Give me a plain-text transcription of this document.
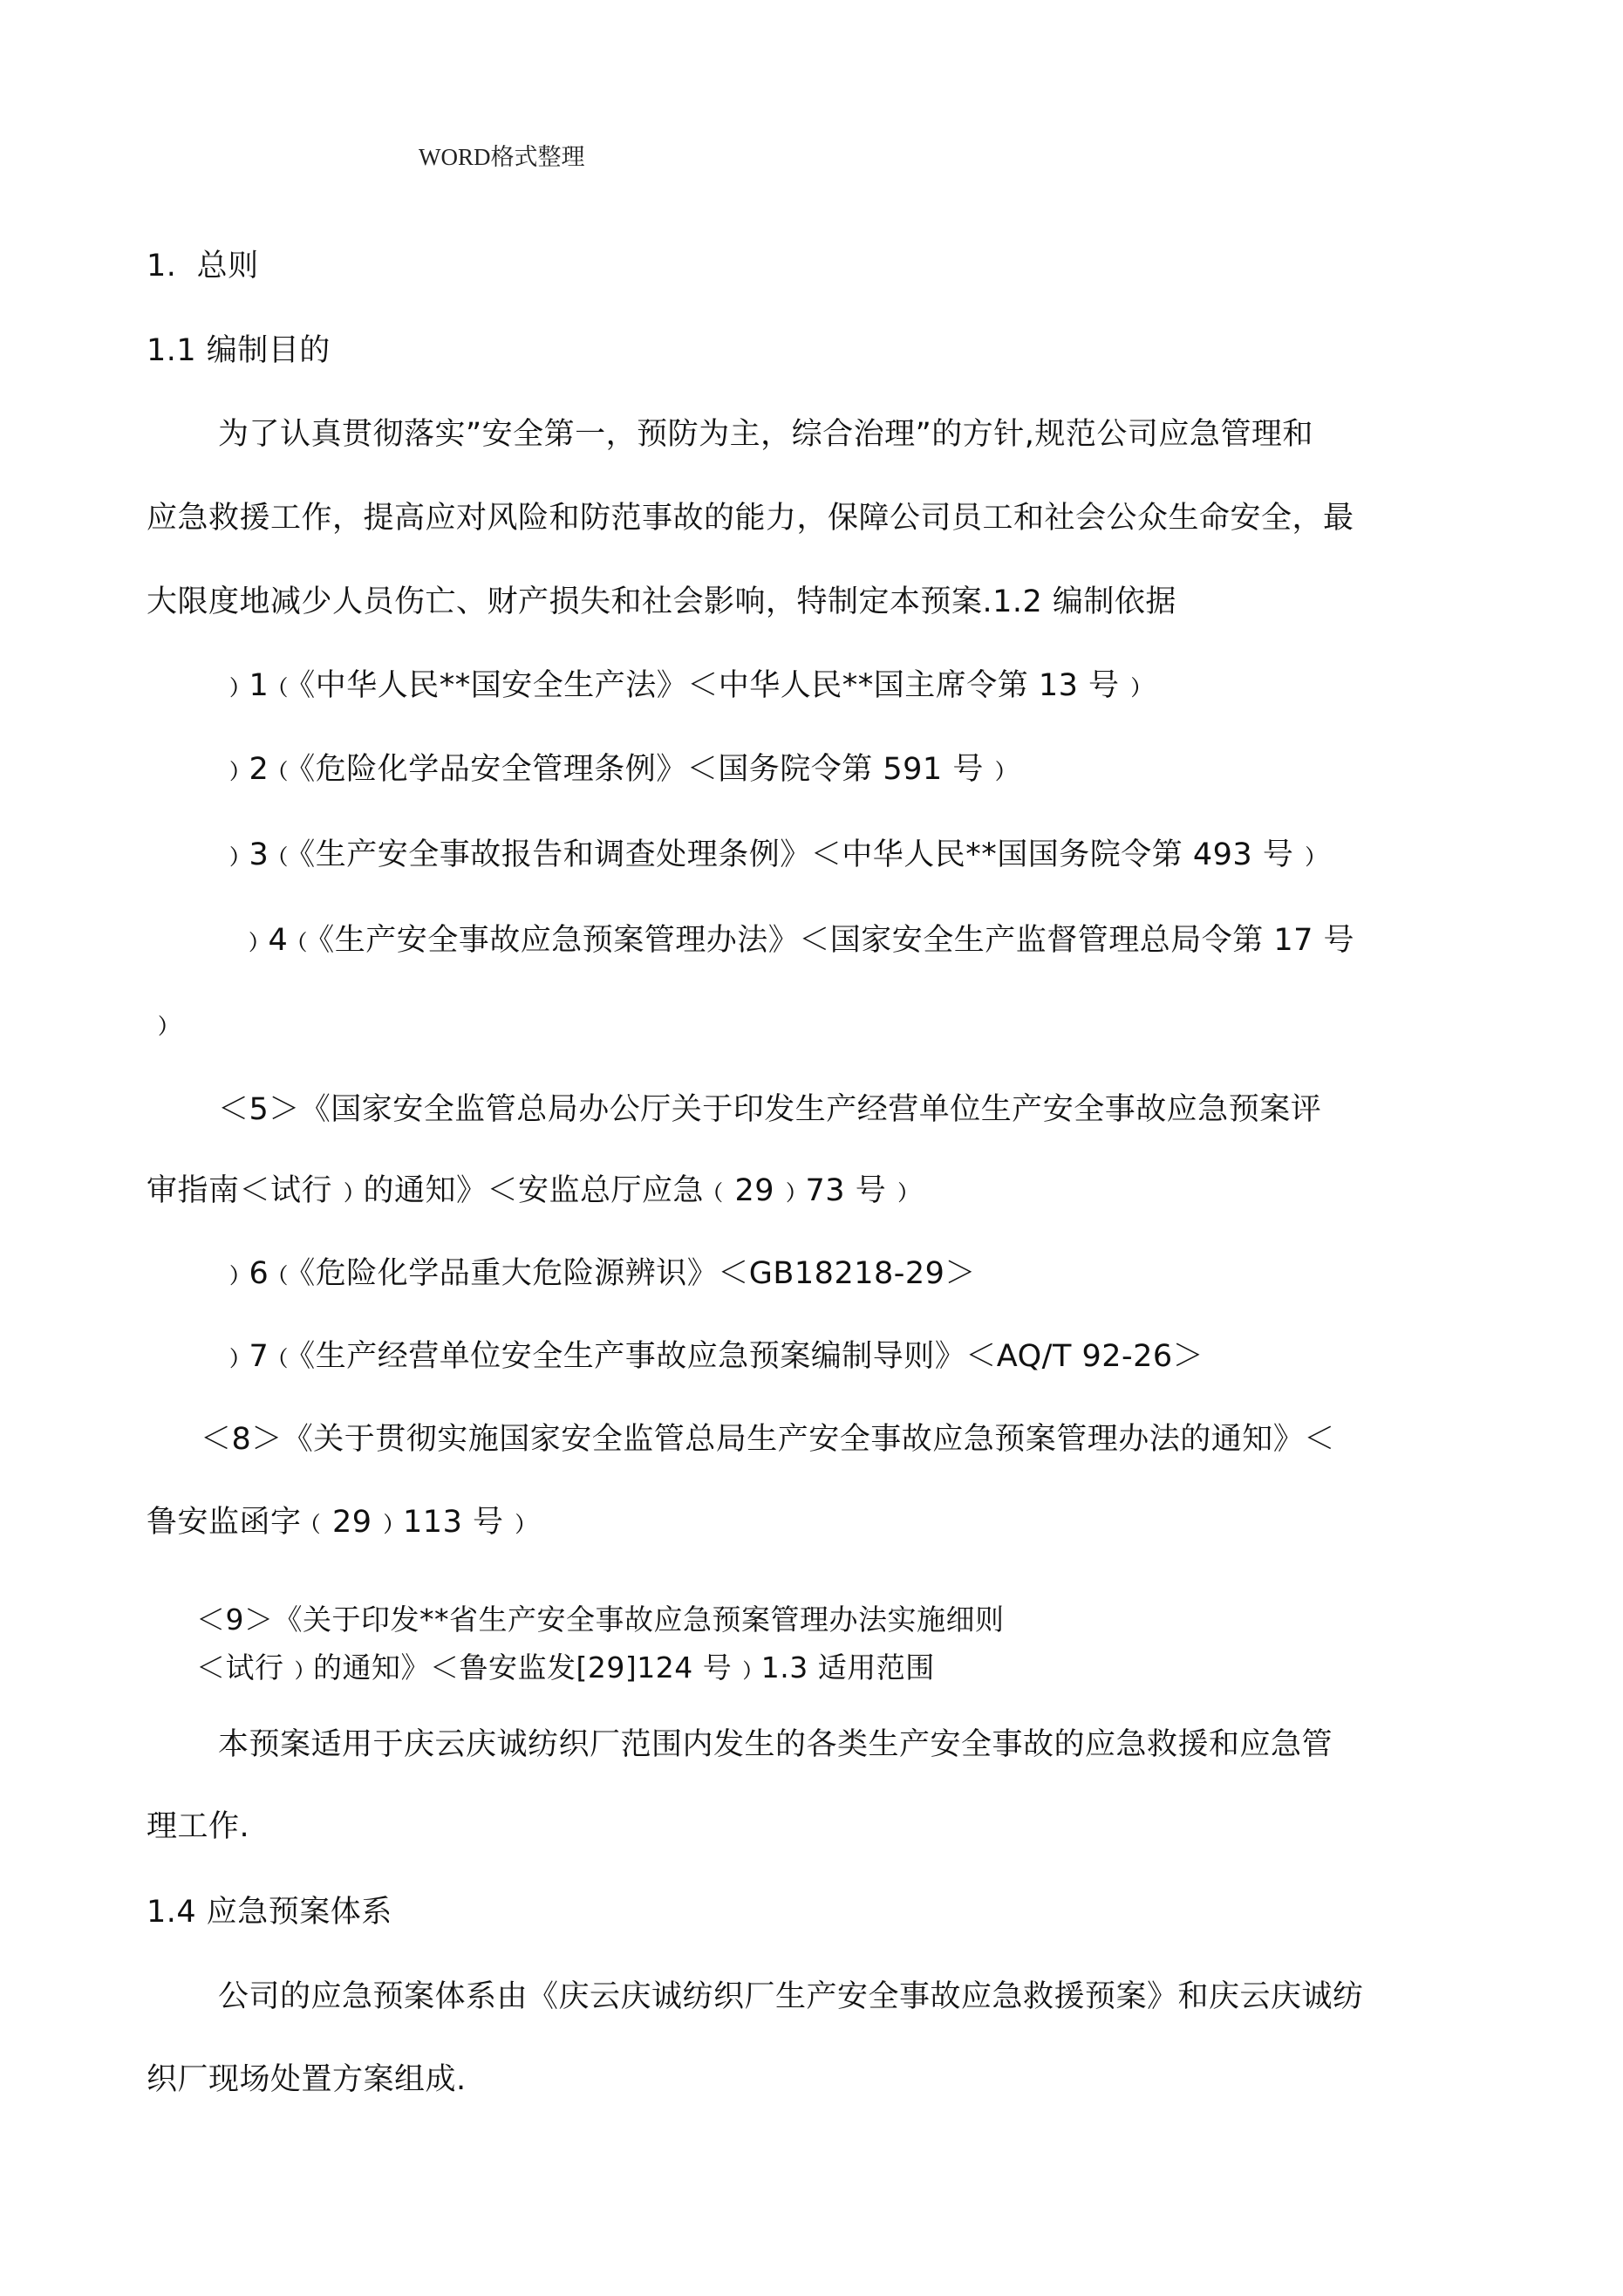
WORD格式整理
1.  总则
1.1 编制目的
为了认真贯彻落实”安全第一，预防为主，综合治理”的方针,规范公司应急管理和
应急救援工作，提高应对风险和防范事故的能力，保障公司员工和社会公众生命安全，最
大限度地减少人员伤亡、财产损失和社会影响，特制定本预案.1.2 编制依据
﹚1﹙《中华人民**国安全生产法》＜中华人民**国主席令第 13 号﹚
﹚2﹙《危险化学品安全管理条例》＜国务院令第 591 号﹚
﹚3﹙《生产安全事故报告和调查处理条例》＜中华人民**国国务院令第 493 号﹚
﹚4﹙《生产安全事故应急预案管理办法》＜国家安全生产监督管理总局令第 17 号
﹚
＜5＞《国家安全监管总局办公厅关于印发生产经营单位生产安全事故应急预案评
审指南＜试行﹚的通知》＜安监总厅应急﹙29﹚73 号﹚
﹚6﹙《危险化学品重大危险源辨识》＜GB18218-29＞
﹚7﹙《生产经营单位安全生产事故应急预案编制导则》＜AQ/T 92-26＞
＜8＞《关于贯彻实施国家安全监管总局生产安全事故应急预案管理办法的通知》＜
鲁安监函字﹙29﹚113 号﹚
＜9＞《关于印发**省生产安全事故应急预案管理办法实施细则
＜试行﹚的通知》＜鲁安监发[29]124 号﹚1.3 适用范围
本预案适用于庆云庆诚纺织厂范围内发生的各类生产安全事故的应急救援和应急管
理工作.
1.4 应急预案体系
公司的应急预案体系由《庆云庆诚纺织厂生产安全事故应急救援预案》和庆云庆诚纺
织厂现场处置方案组成.
